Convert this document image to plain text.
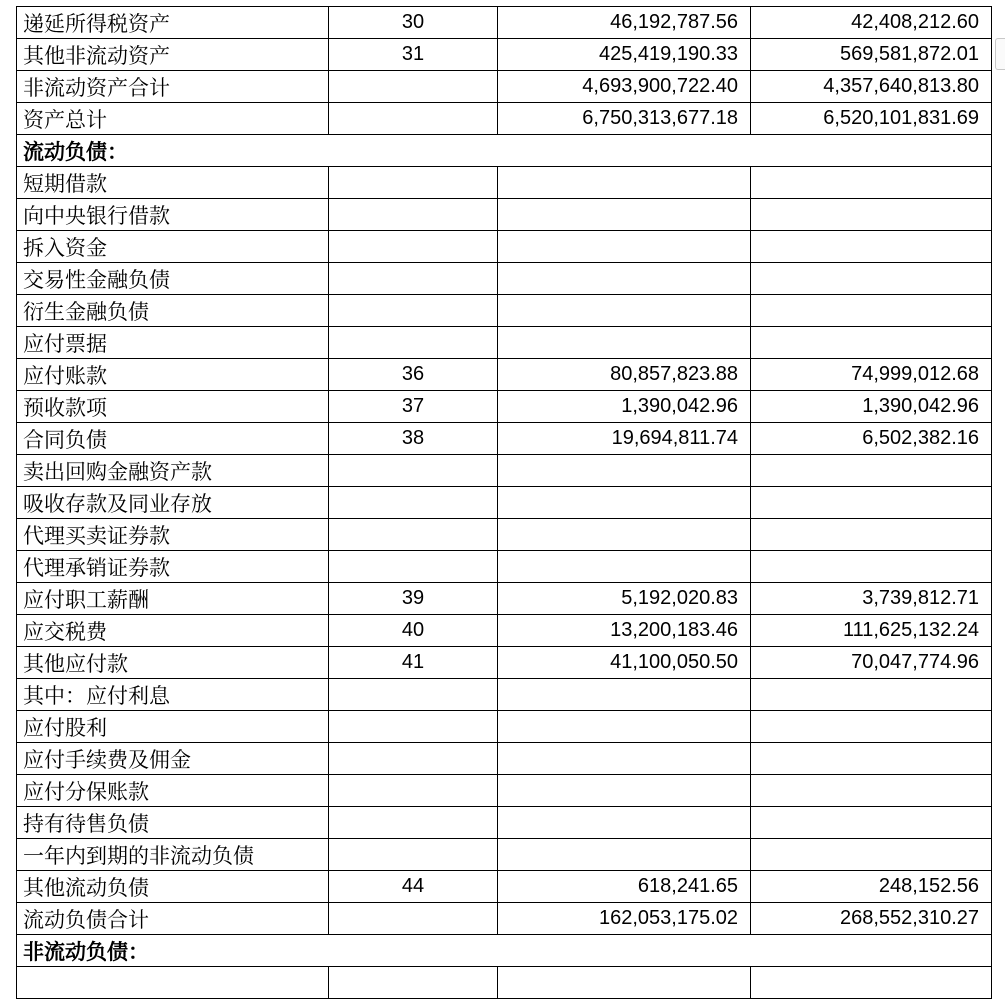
递延所得税资产	30	46,192,787.56	42,408,212.60
其他非流动资产	31	425,419,190.33	569,581,872.01
非流动资产合计		4,693,900,722.40	4,357,640,813.80
资产总计		6,750,313,677.18	6,520,101,831.69
流动负债：			
短期借款			
向中央银行借款			
拆入资金			
交易性金融负债			
衍生金融负债			
应付票据			
应付账款	36	80,857,823.88	74,999,012.68
预收款项	37	1,390,042.96	1,390,042.96
合同负债	38	19,694,811.74	6,502,382.16
卖出回购金融资产款			
吸收存款及同业存放			
代理买卖证券款			
代理承销证券款			
应付职工薪酬	39	5,192,020.83	3,739,812.71
应交税费	40	13,200,183.46	111,625,132.24
其他应付款	41	41,100,050.50	70,047,774.96
其中：应付利息			
应付股利			
应付手续费及佣金			
应付分保账款			
持有待售负债			
一年内到期的非流动负债			
其他流动负债	44	618,241.65	248,152.56
流动负债合计		162,053,175.02	268,552,310.27
非流动负债：			
